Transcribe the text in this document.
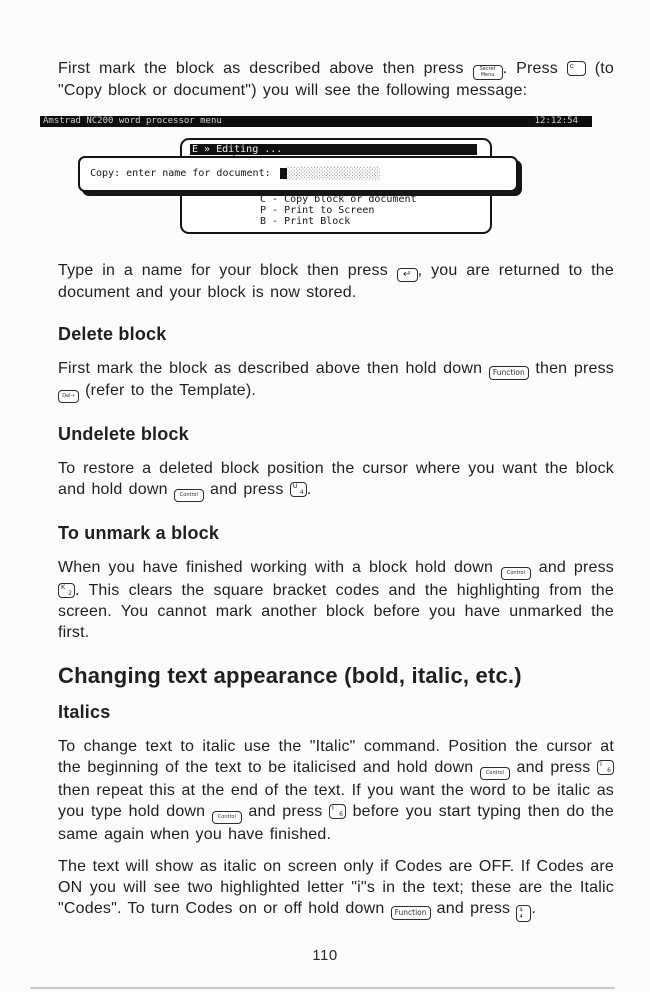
First mark the block as described above then press	Secret
Menu . Press c (to "Copy block or document") you will see the following message:

Amstrad NC200 word processor menu	12:12:54
E » Editing ...
C - Copy block or document
P - Print to Screen
B - Print Block
Copy: enter name for document: ░░░░░░░░░░░░░░

Type in a name for your block then press ↵ , you are returned to the document and your block is now stored.

Delete block

First mark the block as described above then hold down Function then press Del→ (refer to the Template).

Undelete block

To restore a deleted block position the cursor where you want the block and hold down Control and press U
4 .

To unmark a block

When you have finished working with a block hold down Control and press
K
2 . This clears the square bracket codes and the highlighting from the screen. You cannot mark another block before you have unmarked the first.

Changing text appearance (bold, italic, etc.)
Italics

To change text to italic use the "Italic" command. Position the cursor at the beginning of the text to be italicised and hold down Control and press I
6
then repeat this at the end of the text. If you want the word to be italic as you type hold down Control and press I
6 before you start typing then do the same again when you have finished.

The text will show as italic on screen only if Codes are OFF. If Codes are ON you will see two highlighted letter "i"s in the text; these are the Italic "Codes". To turn Codes on or off hold down Function and press $
4 .

110
